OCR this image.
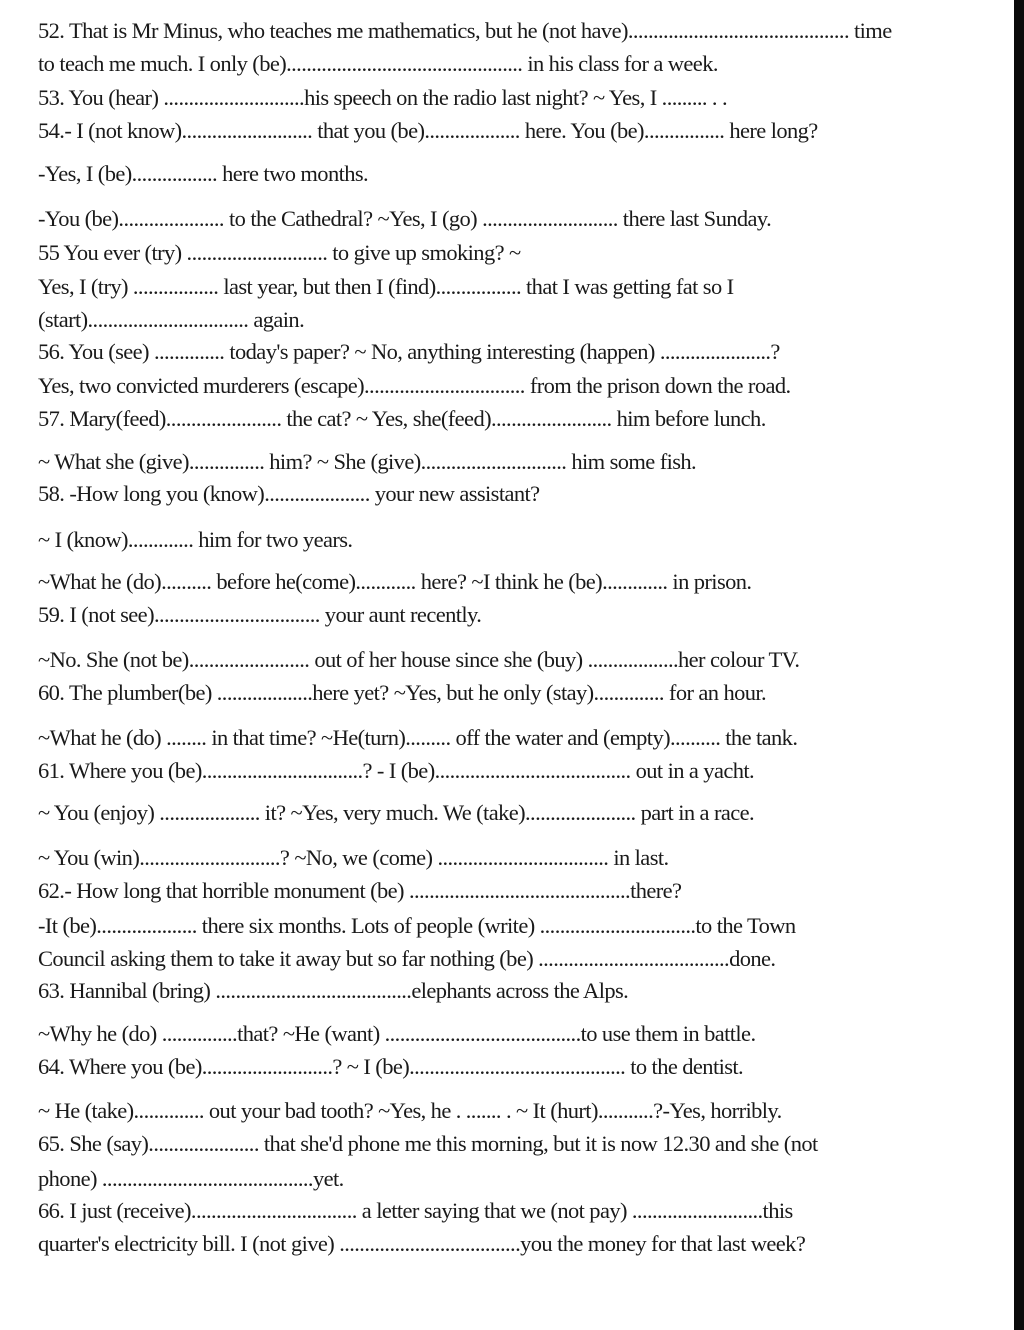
52. That is Mr Minus, who teaches me mathematics, but he (not have)............................................ time
to teach me much. I only (be)............................................... in his class for a week.
53. You (hear) ............................his speech on the radio last night? ~ Yes, I ......... . .
54.- I (not know).......................... that you (be)................... here. You (be)................ here long?
-Yes, I (be)................. here two months.
-You (be)..................... to the Cathedral? ~Yes, I (go) ........................... there last Sunday.
55 You ever (try) ............................ to give up smoking? ~
Yes, I (try) ................. last year, but then I (find)................. that I was getting fat so I
(start)................................ again.
56. You (see) .............. today's paper? ~ No, anything interesting (happen) ......................?
Yes, two convicted murderers (escape)................................ from the prison down the road.
57. Mary(feed)....................... the cat? ~ Yes, she(feed)........................ him before lunch.
~ What she (give)............... him? ~ She (give)............................. him some fish.
58. -How long you (know)..................... your new assistant?
~ I (know)............. him for two years.
~What he (do).......... before he(come)............ here? ~I think he (be)............. in prison.
59. I (not see)................................. your aunt recently.
~No. She (not be)........................ out of her house since she (buy) ..................her colour TV.
60. The plumber(be) ...................here yet? ~Yes, but he only (stay).............. for an hour.
~What he (do) ........ in that time? ~He(turn)......... off the water and (empty).......... the tank.
61. Where you (be)................................? - I (be)....................................... out in a yacht.
~ You (enjoy) .................... it? ~Yes, very much. We (take)...................... part in a race.
~ You (win)............................? ~No, we (come) .................................. in last.
62.- How long that horrible monument (be) ............................................there?
-It (be).................... there six months. Lots of people (write) ...............................to the Town
Council asking them to take it away but so far nothing (be) ......................................done.
63. Hannibal (bring) .......................................elephants across the Alps.
~Why he (do) ...............that? ~He (want) .......................................to use them in battle.
64. Where you (be)..........................? ~ I (be)........................................... to the dentist.
~ He (take).............. out your bad tooth? ~Yes, he . ....... . ~ It (hurt)...........?-Yes, horribly.
65. She (say)...................... that she'd phone me this morning, but it is now 12.30 and she (not
phone) ..........................................yet.
66. I just (receive)................................. a letter saying that we (not pay) ..........................this
quarter's electricity bill. I (not give) ....................................you the money for that last week?
